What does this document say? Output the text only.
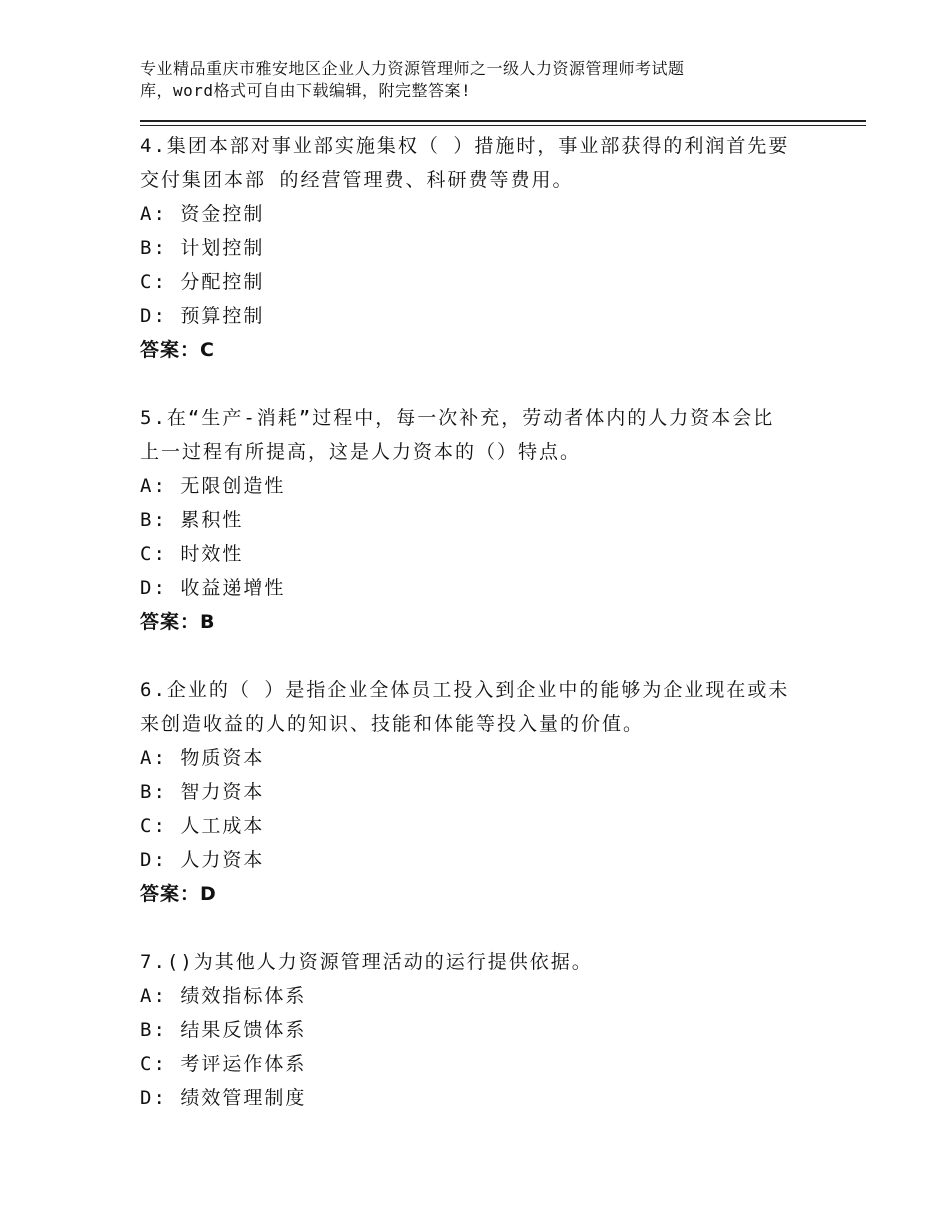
专业精品重庆市雅安地区企业人力资源管理师之一级人力资源管理师考试题
库，word格式可自由下载编辑，附完整答案!
4.集团本部对事业部实施集权（ ）措施时，事业部获得的利润首先要
交付集团本部 的经营管理费、科研费等费用。
A: 资金控制
B: 计划控制
C: 分配控制
D: 预算控制
答案：C
5.在“生产-消耗”过程中，每一次补充，劳动者体内的人力资本会比
上一过程有所提高，这是人力资本的（）特点。
A: 无限创造性
B: 累积性
C: 时效性
D: 收益递增性
答案：B
6.企业的（ ）是指企业全体员工投入到企业中的能够为企业现在或未
来创造收益的人的知识、技能和体能等投入量的价值。
A: 物质资本
B: 智力资本
C: 人工成本
D: 人力资本
答案：D
7.()为其他人力资源管理活动的运行提供依据。
A: 绩效指标体系
B: 结果反馈体系
C: 考评运作体系
D: 绩效管理制度
